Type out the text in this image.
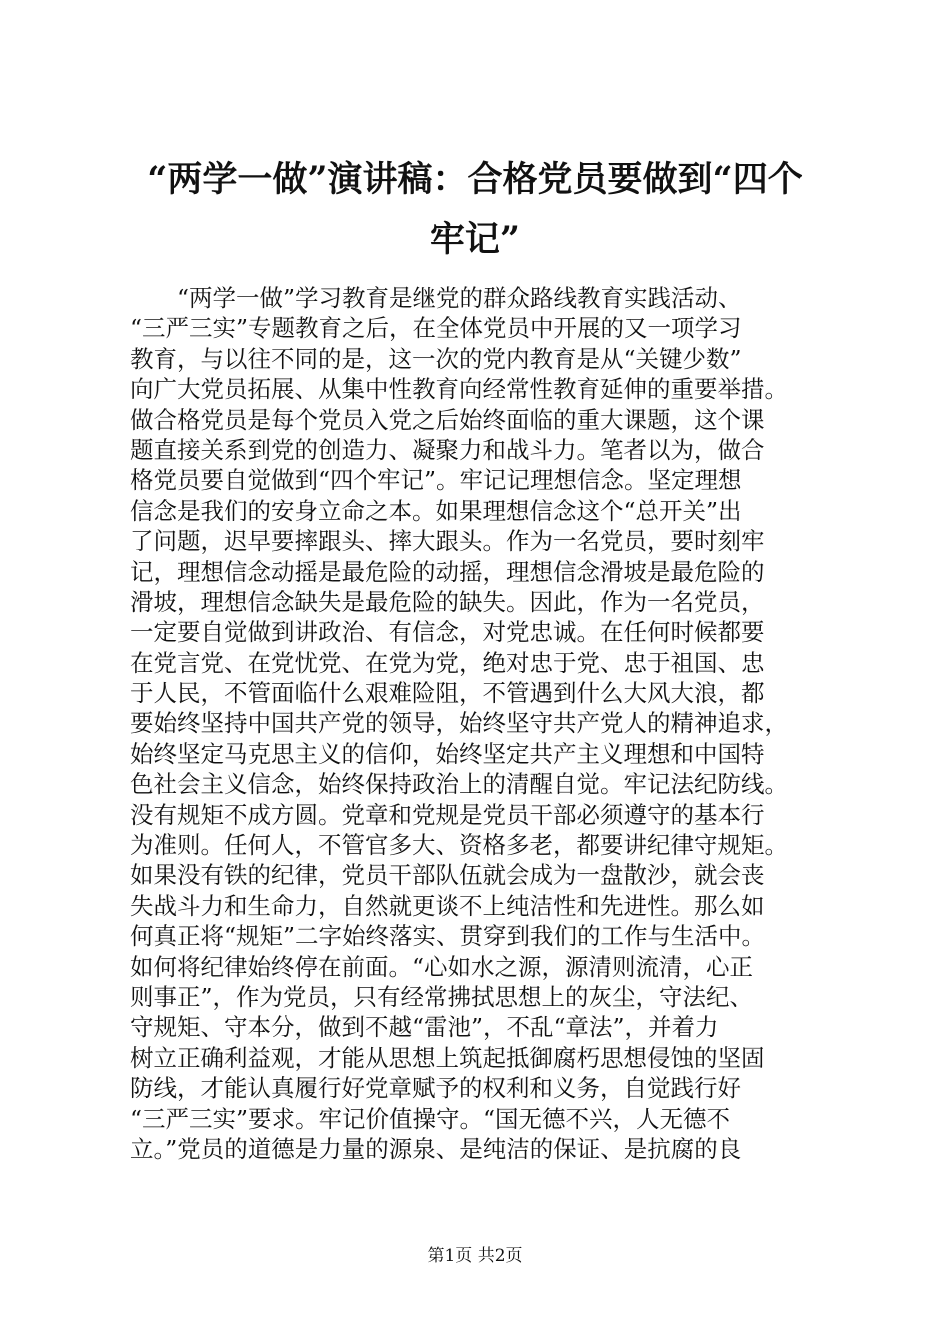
“两学一做”演讲稿：合格党员要做到“四个
牢记”
“两学一做”学习教育是继党的群众路线教育实践活动、
“三严三实”专题教育之后，在全体党员中开展的又一项学习
教育，与以往不同的是，这一次的党内教育是从“关键少数”
向广大党员拓展、从集中性教育向经常性教育延伸的重要举措。
做合格党员是每个党员入党之后始终面临的重大课题，这个课
题直接关系到党的创造力、凝聚力和战斗力。笔者以为，做合
格党员要自觉做到“四个牢记”。牢记记理想信念。坚定理想
信念是我们的安身立命之本。如果理想信念这个“总开关”出
了问题，迟早要摔跟头、摔大跟头。作为一名党员，要时刻牢
记，理想信念动摇是最危险的动摇，理想信念滑坡是最危险的
滑坡，理想信念缺失是最危险的缺失。因此，作为一名党员，
一定要自觉做到讲政治、有信念，对党忠诚。在任何时候都要
在党言党、在党忧党、在党为党，绝对忠于党、忠于祖国、忠
于人民，不管面临什么艰难险阻，不管遇到什么大风大浪，都
要始终坚持中国共产党的领导，始终坚守共产党人的精神追求，
始终坚定马克思主义的信仰，始终坚定共产主义理想和中国特
色社会主义信念，始终保持政治上的清醒自觉。牢记法纪防线。
没有规矩不成方圆。党章和党规是党员干部必须遵守的基本行
为准则。任何人，不管官多大、资格多老，都要讲纪律守规矩。
如果没有铁的纪律，党员干部队伍就会成为一盘散沙，就会丧
失战斗力和生命力，自然就更谈不上纯洁性和先进性。那么如
何真正将“规矩”二字始终落实、贯穿到我们的工作与生活中。
如何将纪律始终停在前面。“心如水之源，源清则流清，心正
则事正”，作为党员，只有经常拂拭思想上的灰尘，守法纪、
守规矩、守本分，做到不越“雷池”，不乱“章法”，并着力
树立正确利益观，才能从思想上筑起抵御腐朽思想侵蚀的坚固
防线，才能认真履行好党章赋予的权利和义务，自觉践行好
“三严三实”要求。牢记价值操守。“国无德不兴，人无德不
立。”党员的道德是力量的源泉、是纯洁的保证、是抗腐的良
第1页 共2页
